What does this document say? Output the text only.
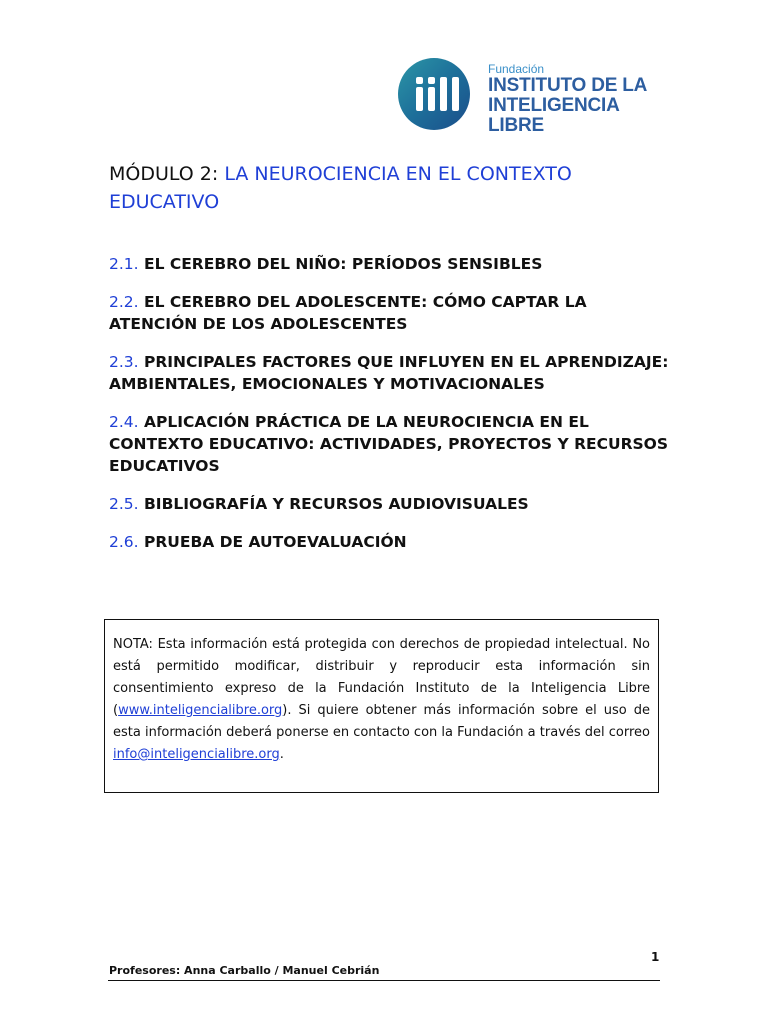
Fundación
INSTITUTO DE LA
INTELIGENCIA LIBRE
MÓDULO 2: LA NEUROCIENCIA EN EL CONTEXTO EDUCATIVO
2.1. EL CEREBRO DEL NIÑO: PERÍODOS SENSIBLES
2.2. EL CEREBRO DEL ADOLESCENTE: CÓMO CAPTAR LA ATENCIÓN DE LOS ADOLESCENTES
2.3. PRINCIPALES FACTORES QUE INFLUYEN EN EL APRENDIZAJE: AMBIENTALES, EMOCIONALES Y MOTIVACIONALES
2.4. APLICACIÓN PRÁCTICA DE LA NEUROCIENCIA EN EL CONTEXTO EDUCATIVO: ACTIVIDADES, PROYECTOS Y RECURSOS EDUCATIVOS
2.5. BIBLIOGRAFÍA Y RECURSOS AUDIOVISUALES
2.6. PRUEBA DE AUTOEVALUACIÓN
NOTA: Esta información está protegida con derechos de propiedad intelectual. No está permitido modificar, distribuir y reproducir esta información sin consentimiento expreso de la Fundación Instituto de la Inteligencia Libre (www.inteligencialibre.org). Si quiere obtener más información sobre el uso de esta información deberá ponerse en contacto con la Fundación a través del correo info@inteligencialibre.org.
1
Profesores: Anna Carballo / Manuel Cebrián
